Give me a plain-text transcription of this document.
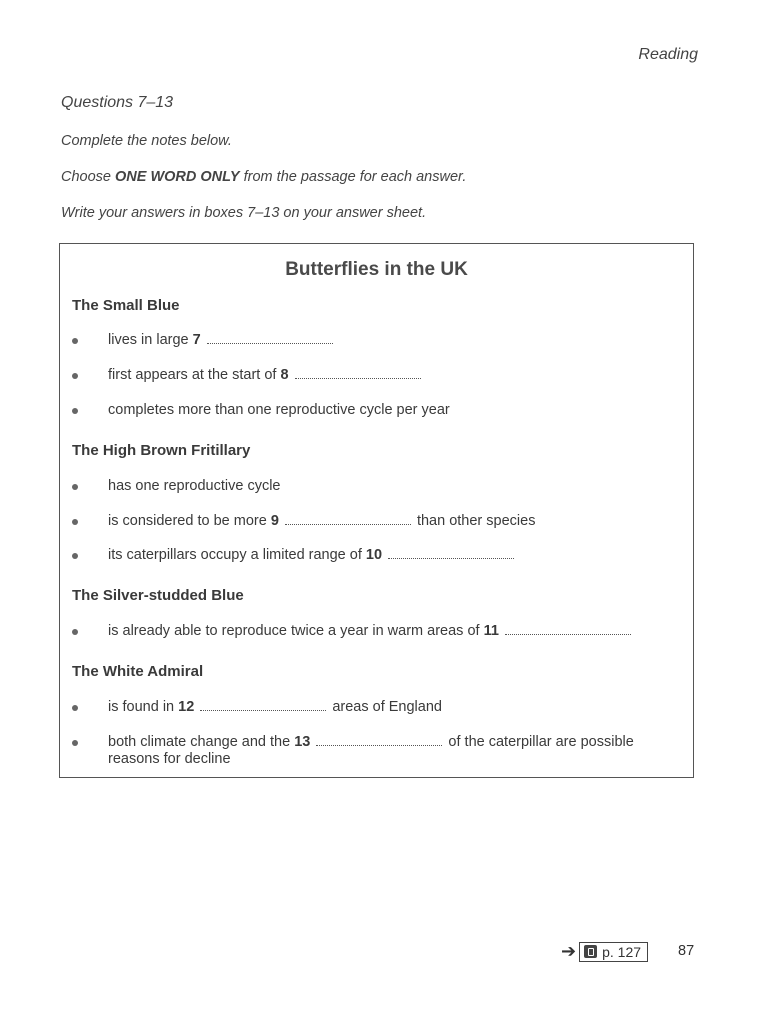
Reading
Questions 7–13
Complete the notes below.
Choose ONE WORD ONLY from the passage for each answer.
Write your answers in boxes 7–13 on your answer sheet.
Butterflies in the UK
The Small Blue
lives in large 7
first appears at the start of 8
completes more than one reproductive cycle per year
The High Brown Fritillary
has one reproductive cycle
is considered to be more 9	than other species
its caterpillars occupy a limited range of 10
The Silver-studded Blue
is already able to reproduce twice a year in warm areas of 11
The White Admiral
is found in 12	areas of England
both climate change and the 13	of the caterpillar are possible reasons for decline
➔ p. 127	87
